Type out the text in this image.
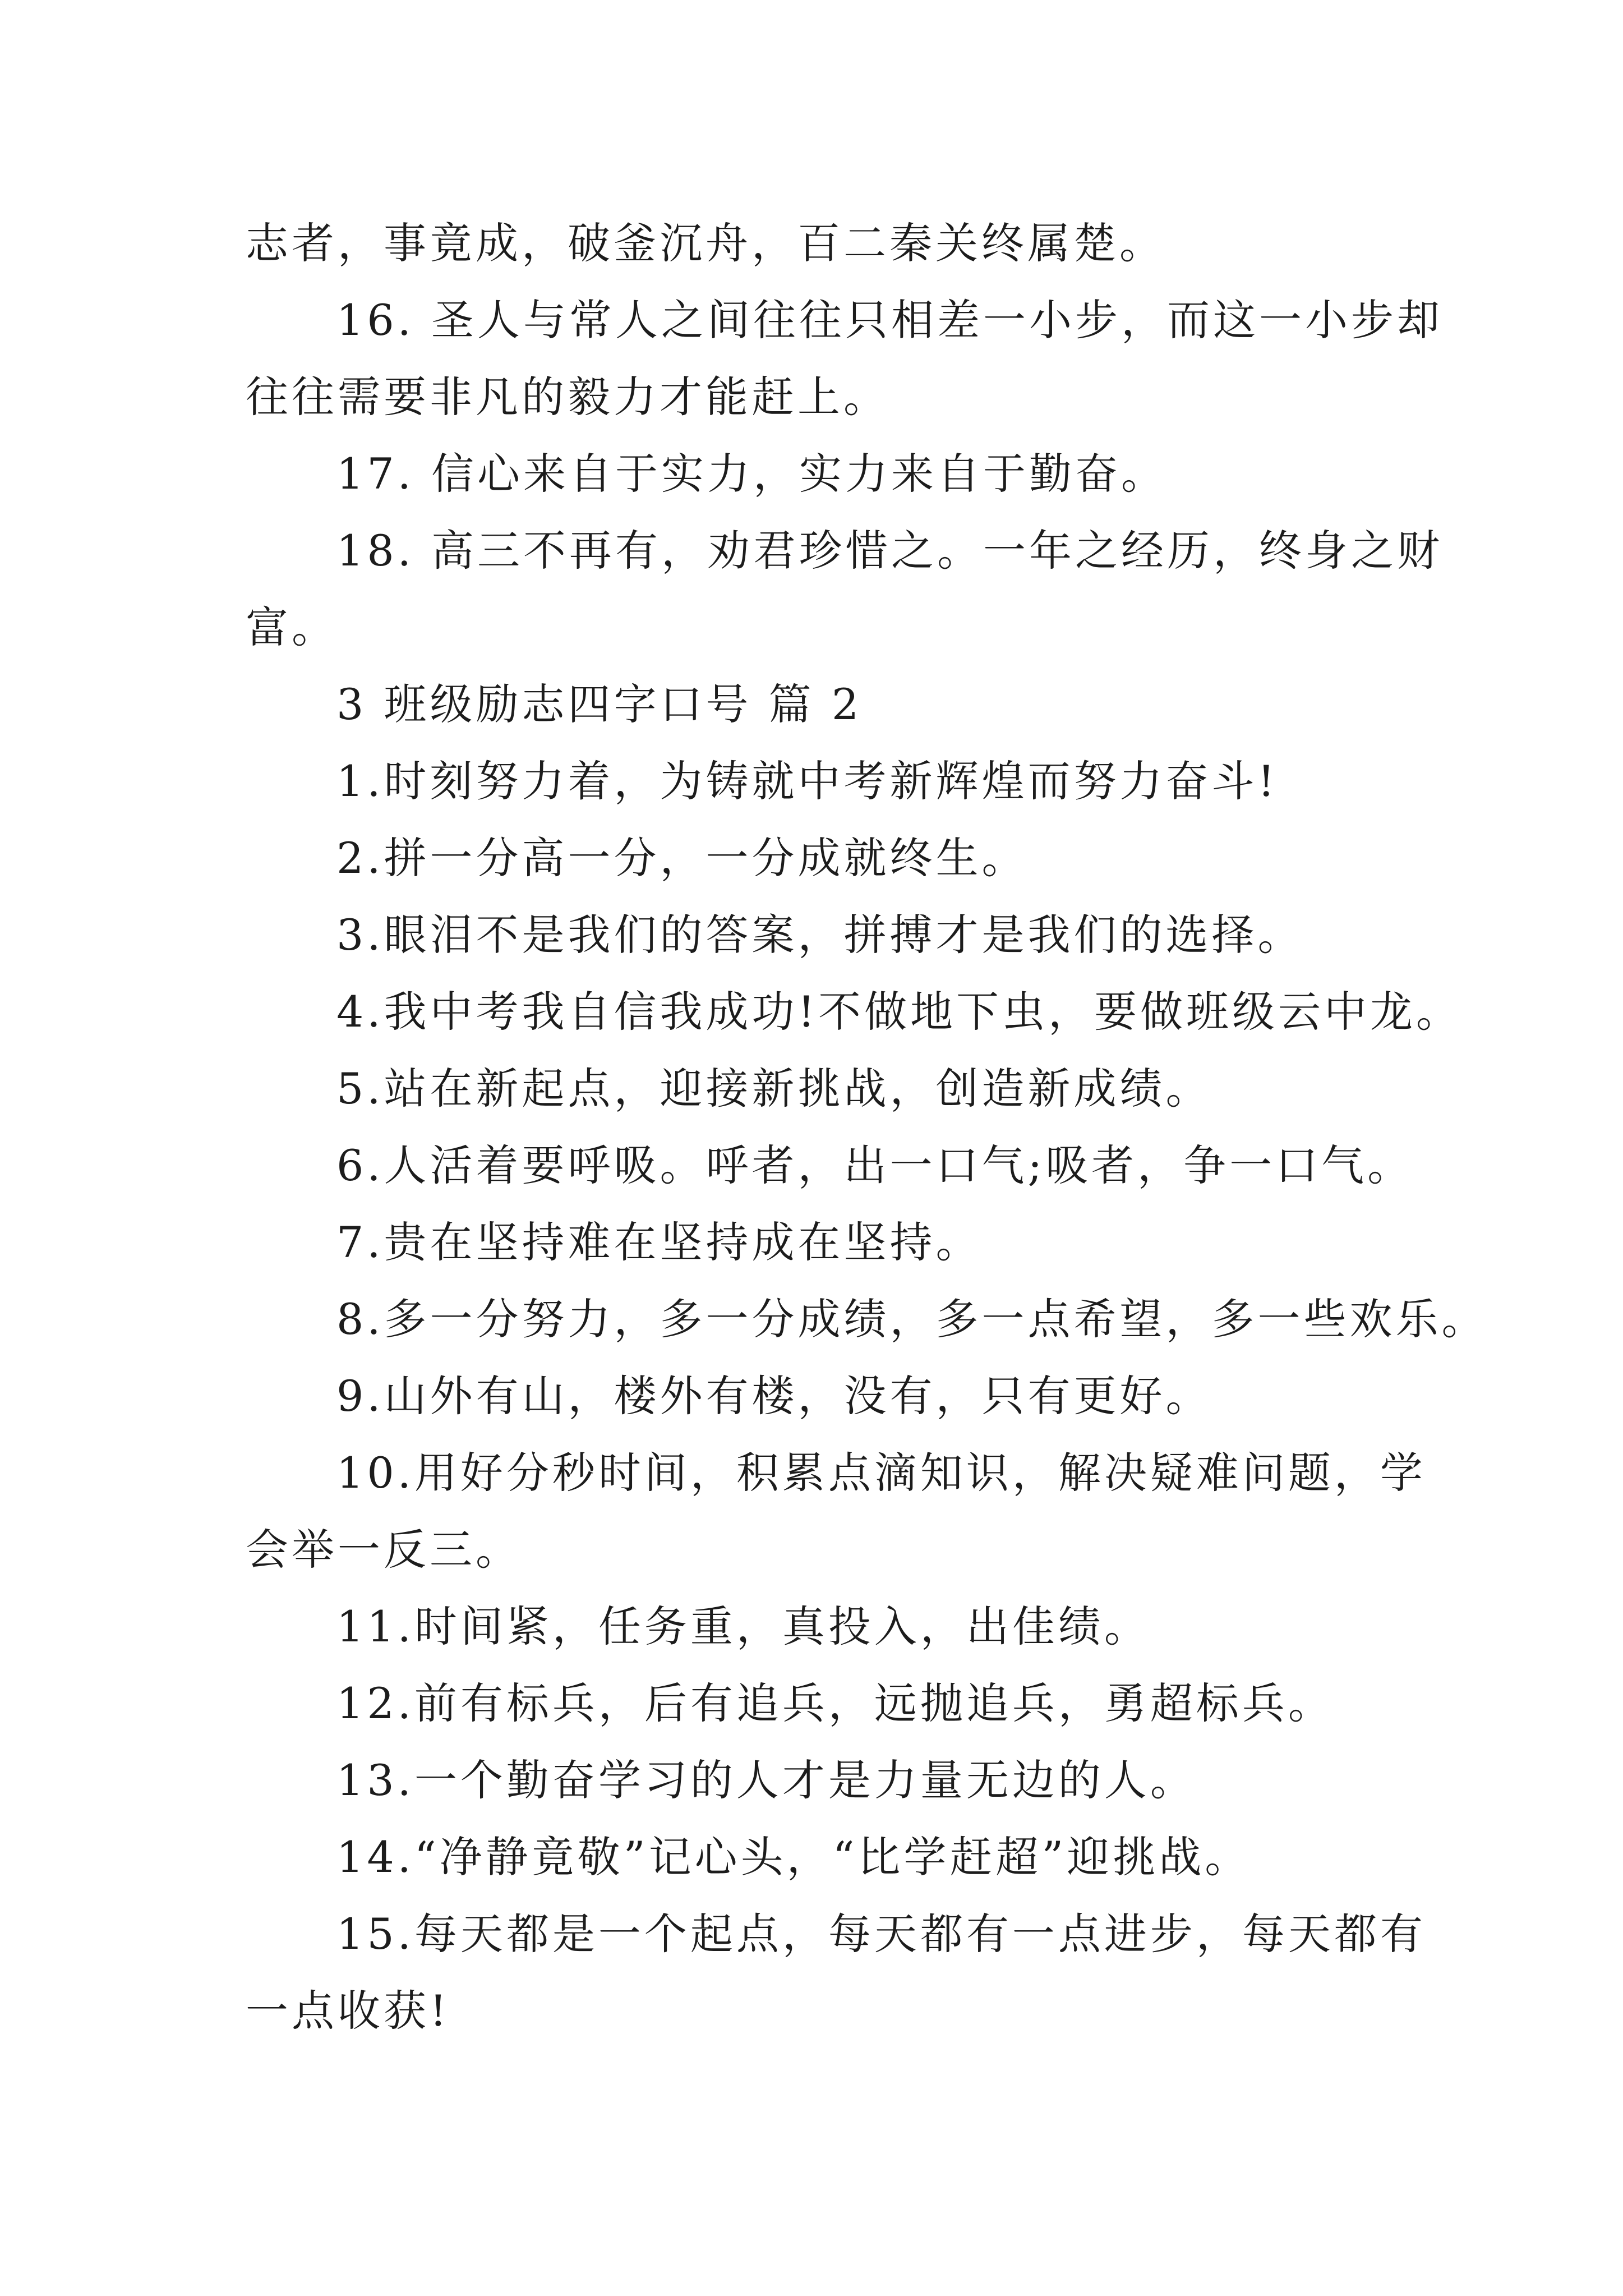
志者，事竟成，破釜沉舟，百二秦关终属楚。
16. 圣人与常人之间往往只相差一小步，而这一小步却
往往需要非凡的毅力才能赶上。
17. 信心来自于实力，实力来自于勤奋。
18. 高三不再有，劝君珍惜之。一年之经历，终身之财
富。
3 班级励志四字口号 篇 2
1.时刻努力着，为铸就中考新辉煌而努力奋斗!
2.拼一分高一分，一分成就终生。
3.眼泪不是我们的答案，拼搏才是我们的选择。
4.我中考我自信我成功!不做地下虫，要做班级云中龙。
5.站在新起点，迎接新挑战，创造新成绩。
6.人活着要呼吸。呼者，出一口气;吸者，争一口气。
7.贵在坚持难在坚持成在坚持。
8.多一分努力，多一分成绩，多一点希望，多一些欢乐。
9.山外有山，楼外有楼，没有，只有更好。
10.用好分秒时间，积累点滴知识，解决疑难问题，学
会举一反三。
11.时间紧，任务重，真投入，出佳绩。
12.前有标兵，后有追兵，远抛追兵，勇超标兵。
13.一个勤奋学习的人才是力量无边的人。
14.“净静竟敬”记心头，“比学赶超”迎挑战。
15.每天都是一个起点，每天都有一点进步，每天都有
一点收获!
